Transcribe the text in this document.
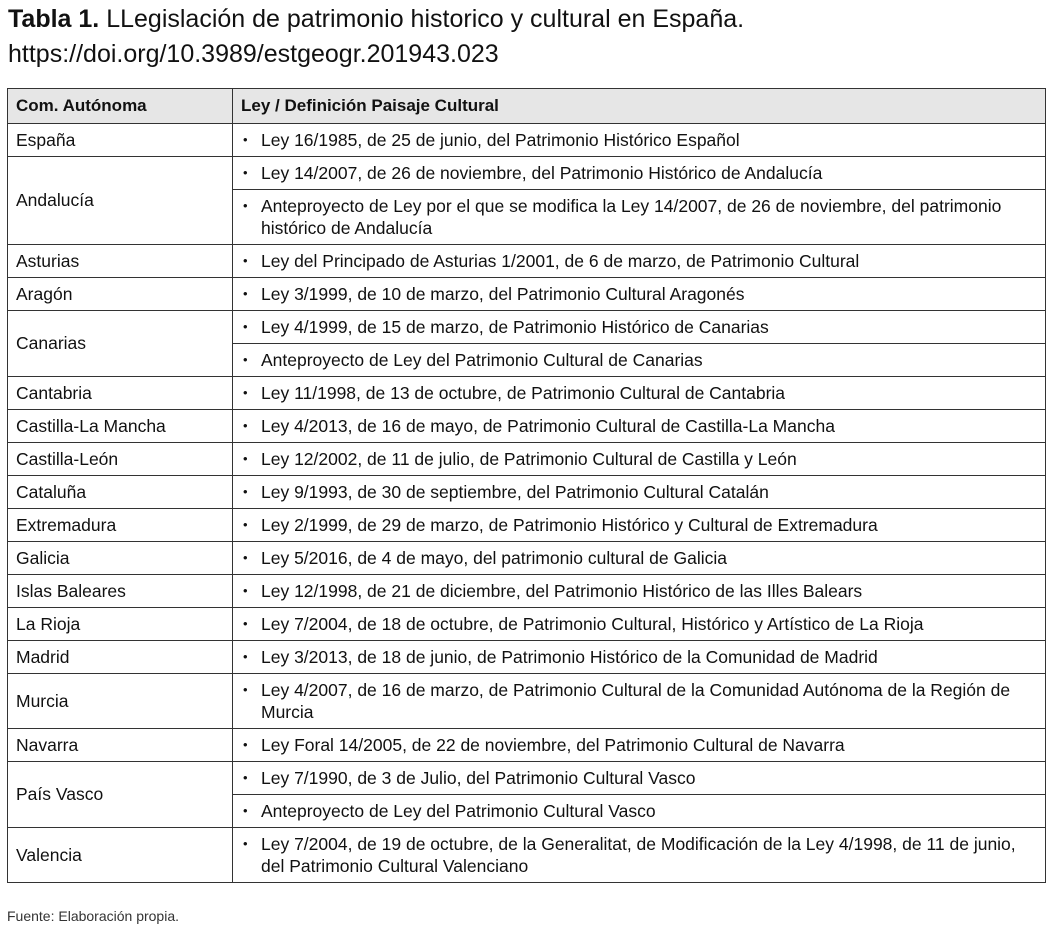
Tabla 1. LLegislación de patrimonio historico y cultural en España.
https://doi.org/10.3989/estgeogr.201943.023
Com. Autónoma	Ley / Definición Paisaje Cultural
España	• Ley 16/1985, de 25 de junio, del Patrimonio Histórico Español

Andalucía	• Ley 14/2007, de 26 de noviembre, del Patrimonio Histórico de Andalucía

	• Anteproyecto de Ley por el que se modifica la Ley 14/2007, de 26 de noviembre, del patrimonio histórico de Andalucía

Asturias	• Ley del Principado de Asturias 1/2001, de 6 de marzo, de Patrimonio Cultural

Aragón	• Ley 3/1999, de 10 de marzo, del Patrimonio Cultural Aragonés

Canarias	• Ley 4/1999, de 15 de marzo, de Patrimonio Histórico de Canarias

	• Anteproyecto de Ley del Patrimonio Cultural de Canarias

Cantabria	• Ley 11/1998, de 13 de octubre, de Patrimonio Cultural de Cantabria

Castilla-La Mancha	• Ley 4/2013, de 16 de mayo, de Patrimonio Cultural de Castilla-La Mancha

Castilla-León	• Ley 12/2002, de 11 de julio, de Patrimonio Cultural de Castilla y León

Cataluña	• Ley 9/1993, de 30 de septiembre, del Patrimonio Cultural Catalán

Extremadura	• Ley 2/1999, de 29 de marzo, de Patrimonio Histórico y Cultural de Extremadura

Galicia	• Ley 5/2016, de 4 de mayo, del patrimonio cultural de Galicia

Islas Baleares	• Ley 12/1998, de 21 de diciembre, del Patrimonio Histórico de las Illes Balears

La Rioja	• Ley 7/2004, de 18 de octubre, de Patrimonio Cultural, Histórico y Artístico de La Rioja

Madrid	• Ley 3/2013, de 18 de junio, de Patrimonio Histórico de la Comunidad de Madrid

Murcia	• Ley 4/2007, de 16 de marzo, de Patrimonio Cultural de la Comunidad Autónoma de la Región de Murcia

Navarra	• Ley Foral 14/2005, de 22 de noviembre, del Patrimonio Cultural de Navarra

País Vasco	• Ley 7/1990, de 3 de Julio, del Patrimonio Cultural Vasco

	• Anteproyecto de Ley del Patrimonio Cultural Vasco

Valencia	• Ley 7/2004, de 19 de octubre, de la Generalitat, de Modificación de la Ley 4/1998, de 11 de junio, del Patrimonio Cultural Valenciano
Fuente: Elaboración propia.
